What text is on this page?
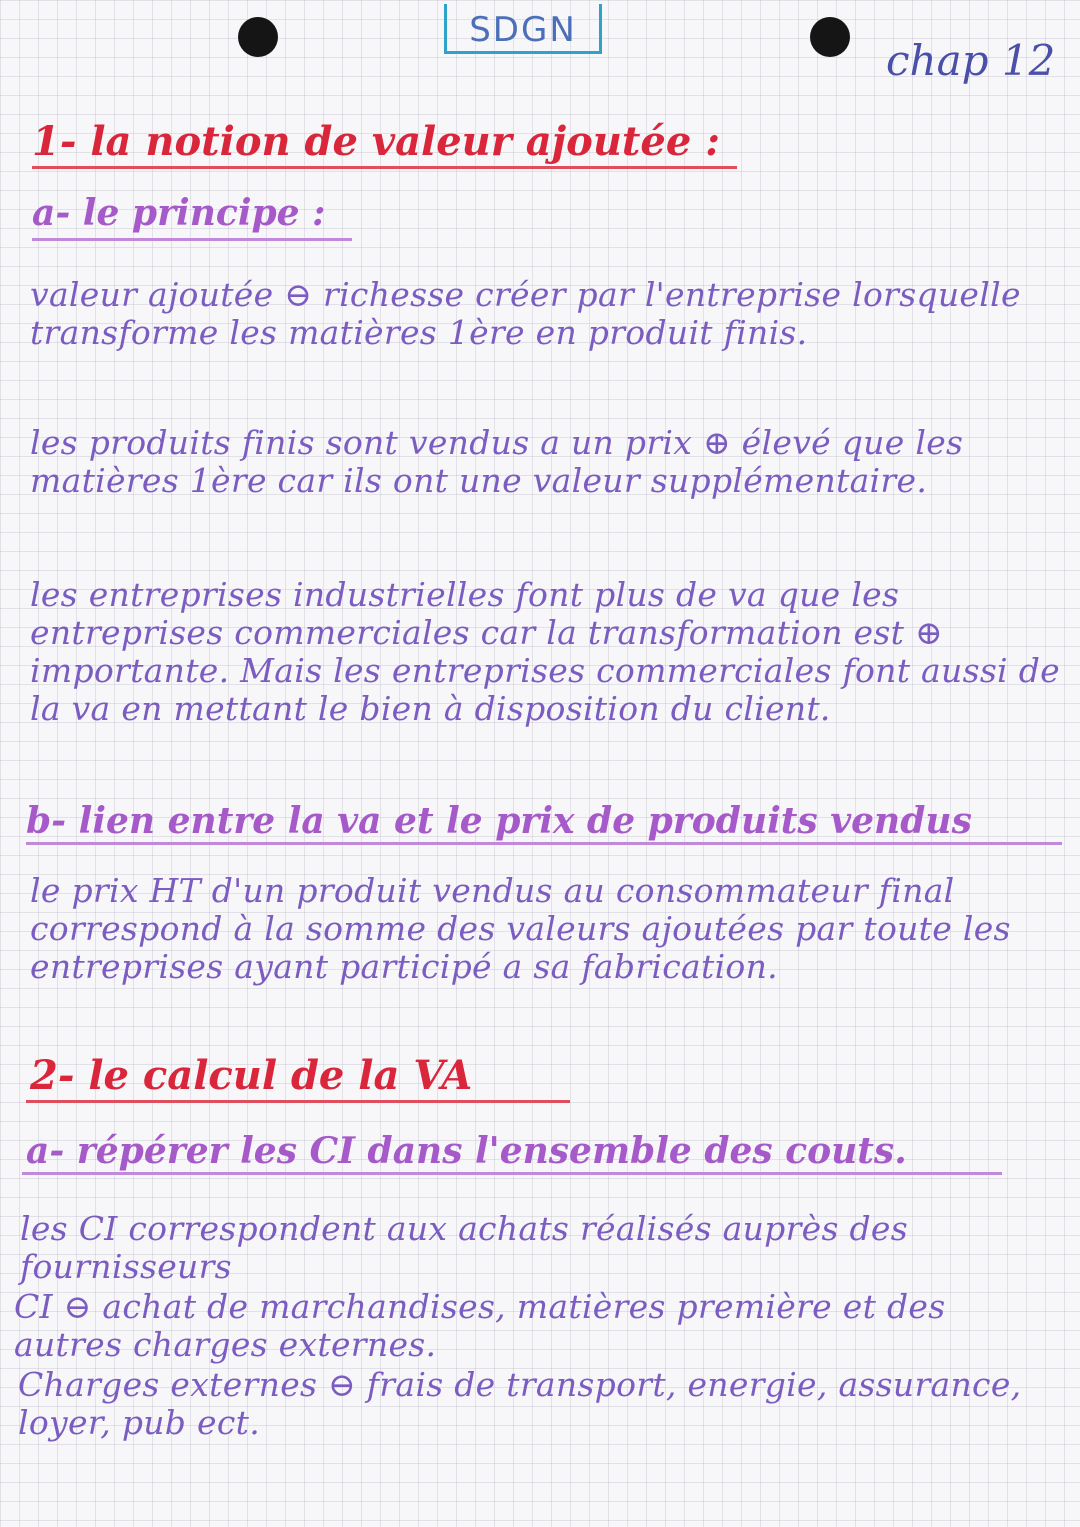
SDGN
chap 12
1- la notion de valeur ajoutée :
a- le principe :

valeur ajoutée ⊖ richesse créer par l'entreprise lorsquelle transforme les matières 1ère en produit finis.

les produits finis sont vendus a un prix ⊕ élevé que les matières 1ère car ils ont une valeur supplémentaire.

les entreprises industrielles font plus de va que les entreprises commerciales car la transformation est ⊕ importante. Mais les entreprises commerciales font aussi de la va en mettant le bien à disposition du client.

b- lien entre la va et le prix de produits vendus

le prix HT d'un produit vendus au consommateur final correspond à la somme des valeurs ajoutées par toute les entreprises ayant participé a sa fabrication.

2- le calcul de la VA
a- répérer les CI dans l'ensemble des couts.

les CI correspondent aux achats réalisés auprès des fournisseurs

CI ⊖ achat de marchandises, matières première et des autres charges externes.

Charges externes ⊖ frais de transport, energie, assurance, loyer, pub ect.
